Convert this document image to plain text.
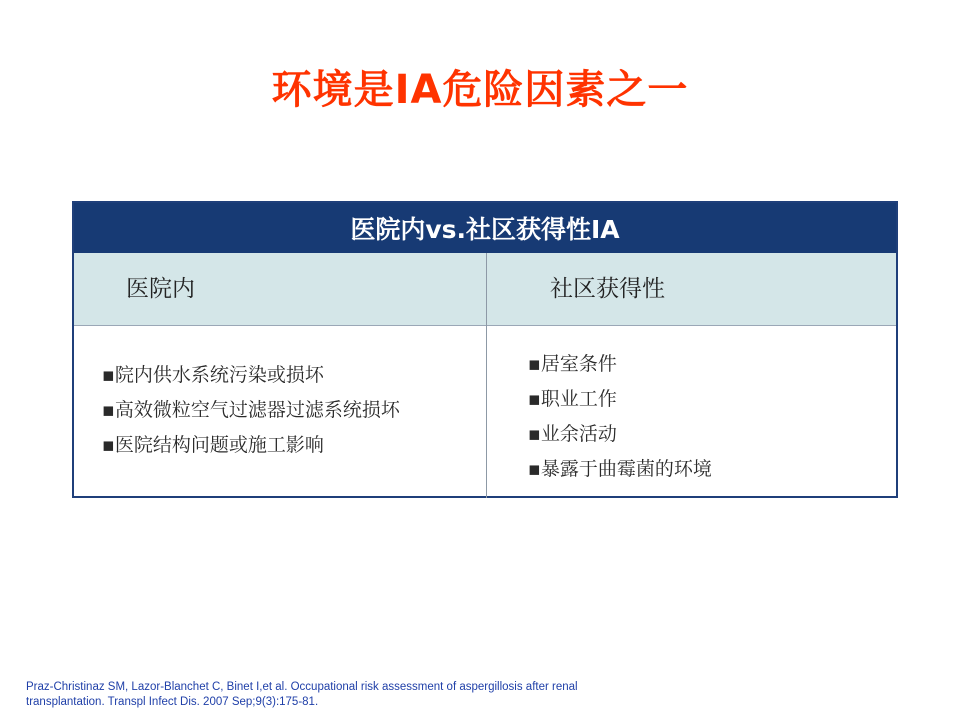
环境是IA危险因素之一
医院内vs.社区获得性IA
医院内	社区获得性
▪院内供水系统污染或损坏
▪高效微粒空气过滤器过滤系统损坏
▪医院结构问题或施工影响
▪居室条件
▪职业工作
▪业余活动
▪暴露于曲霉菌的环境
Praz-Christinaz SM, Lazor-Blanchet C, Binet I,et al. Occupational risk assessment of aspergillosis after renal
transplantation. Transpl Infect Dis. 2007 Sep;9(3):175-81.
